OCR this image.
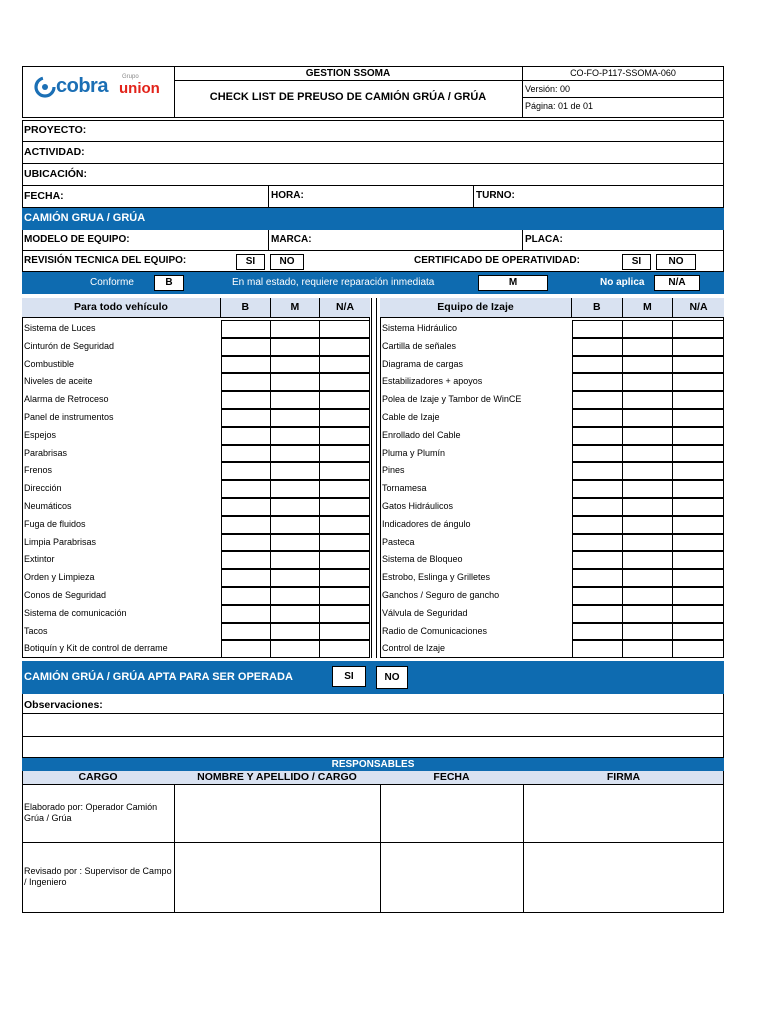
cobra Grupo
union
GESTION SSOMA
CHECK LIST DE PREUSO DE CAMIÓN GRÚA / GRÚA
CO-FO-P117-SSOMA-060
Versión: 00
Página: 01 de 01
PROYECTO:
ACTIVIDAD:
UBICACIÓN:
FECHA:	HORA:	TURNO:
CAMIÓN GRUA / GRÚA
MODELO DE EQUIPO:	MARCA:	PLACA:
REVISIÓN TECNICA DEL EQUIPO:	SI	NO	CERTIFICADO DE OPERATIVIDAD:	SI	NO
Conforme	B	En mal estado, requiere reparación inmediata	M	No aplica	N/A
Para todo vehículo	B	M	N/A
Sistema de Luces
Cinturón de Seguridad
Combustible
Niveles de aceite
Alarma de Retroceso
Panel de instrumentos
Espejos
Parabrisas
Frenos
Dirección
Neumáticos
Fuga de fluidos
Limpia Parabrisas
Extintor
Orden y Limpieza
Conos de Seguridad
Sistema de comunicación
Tacos
Botiquín y Kit de control de derrame
Equipo de Izaje	B	M	N/A
Sistema Hidráulico
Cartilla de señales
Diagrama de cargas
Estabilizadores + apoyos
Polea de Izaje y Tambor de WinCE
Cable de Izaje
Enrollado del Cable
Pluma y Plumín
Pines
Tornamesa
Gatos Hidráulicos
Indicadores de ángulo
Pasteca
Sistema de Bloqueo
Estrobo, Eslinga y Grilletes
Ganchos / Seguro de gancho
Válvula de Seguridad
Radio de Comunicaciones
Control de Izaje
CAMIÓN GRÚA / GRÚA APTA PARA SER OPERADA	SI	NO
Observaciones:
RESPONSABLES
CARGO	NOMBRE Y APELLIDO / CARGO	FECHA	FIRMA
Elaborado por: Operador Camión Grúa / Grúa
Revisado por : Supervisor de Campo / Ingeniero
